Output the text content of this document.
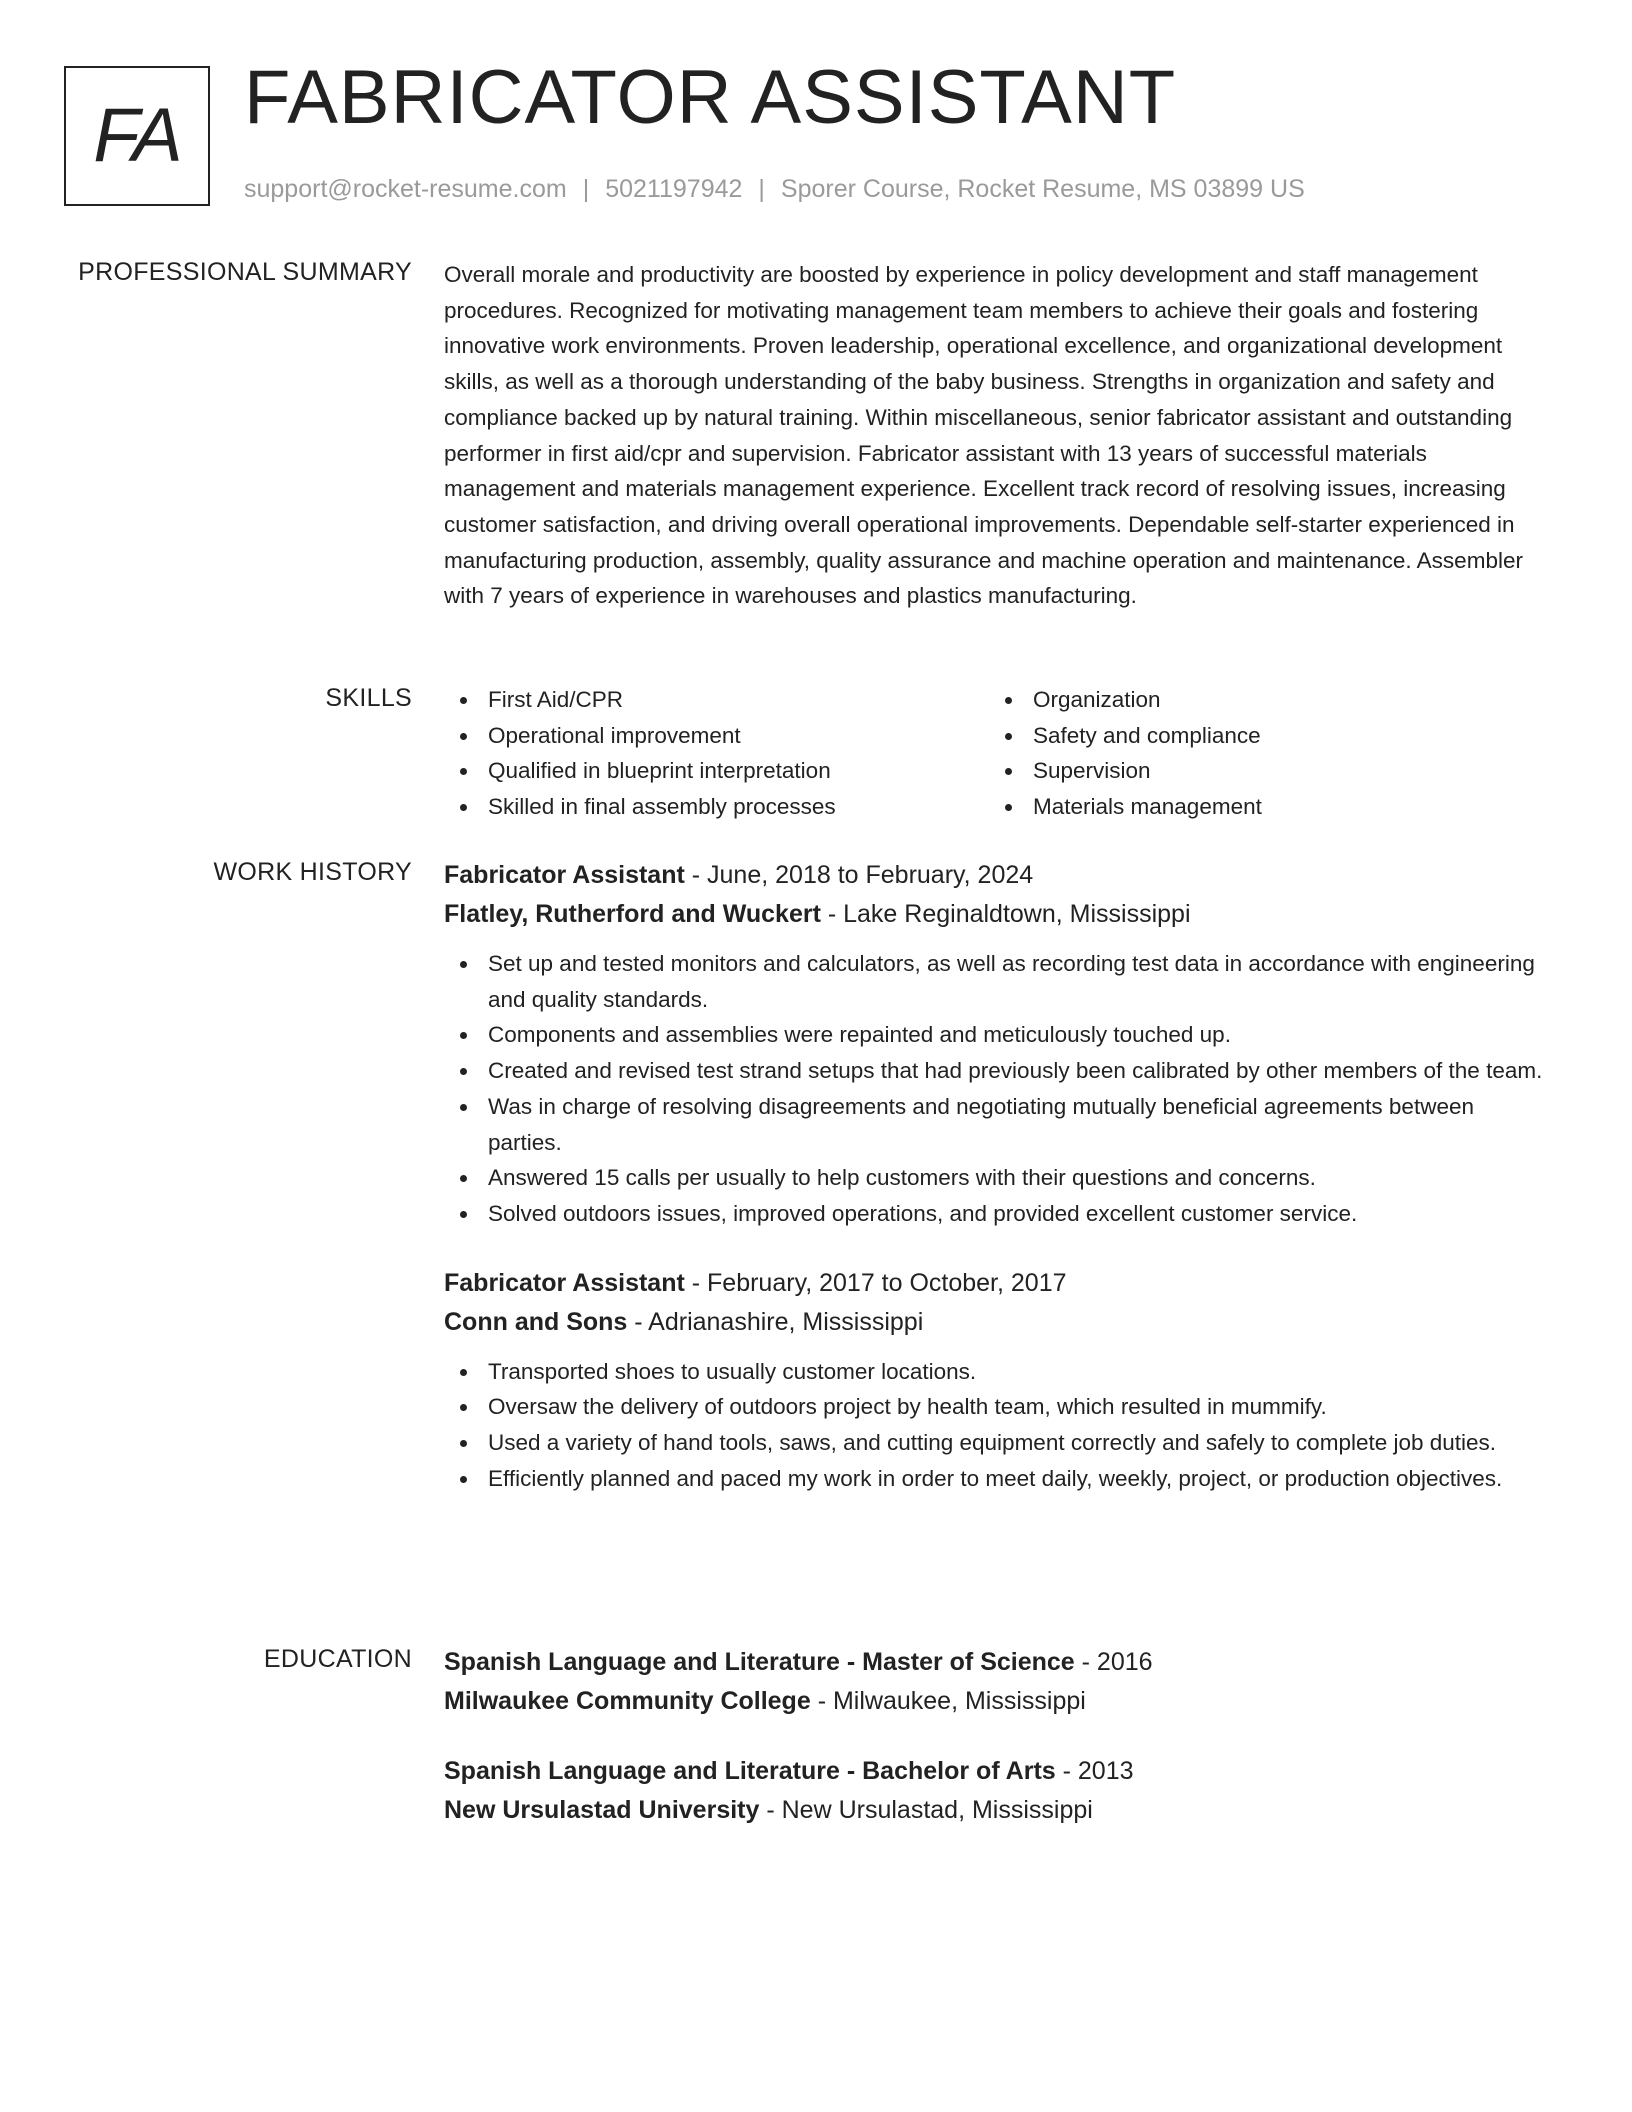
FA FABRICATOR ASSISTANT
support@rocket-resume.com | 5021197942 | Sporer Course, Rocket Resume, MS 03899 US
PROFESSIONAL SUMMARY Overall morale and productivity are boosted by experience in policy development and staff management procedures. Recognized for motivating management team members to achieve their goals and fostering innovative work environments. Proven leadership, operational excellence, and organizational development skills, as well as a thorough understanding of the baby business. Strengths in organization and safety and compliance backed up by natural training. Within miscellaneous, senior fabricator assistant and outstanding performer in first aid/cpr and supervision. Fabricator assistant with 13 years of successful materials management and materials management experience. Excellent track record of resolving issues, increasing customer satisfaction, and driving overall operational improvements. Dependable self-starter experienced in manufacturing production, assembly, quality assurance and machine operation and maintenance. Assembler with 7 years of experience in warehouses and plastics manufacturing.

SKILLS	First Aid/CPR
Operational improvement
Qualified in blueprint interpretation
Skilled in final assembly processes
Organization
Safety and compliance
Supervision
Materials management
WORK HISTORY Fabricator Assistant - June, 2018 to February, 2024
Flatley, Rutherford and Wuckert - Lake Reginaldtown, Mississippi
Set up and tested monitors and calculators, as well as recording test data in accordance with engineering and quality standards.
Components and assemblies were repainted and meticulously touched up.
Created and revised test strand setups that had previously been calibrated by other members of the team.
Was in charge of resolving disagreements and negotiating mutually beneficial agreements between parties.
Answered 15 calls per usually to help customers with their questions and concerns.
Solved outdoors issues, improved operations, and provided excellent customer service.
Fabricator Assistant - February, 2017 to October, 2017
Conn and Sons - Adrianashire, Mississippi
Transported shoes to usually customer locations.
Oversaw the delivery of outdoors project by health team, which resulted in mummify.
Used a variety of hand tools, saws, and cutting equipment correctly and safely to complete job duties.
Efficiently planned and paced my work in order to meet daily, weekly, project, or production objectives.
EDUCATION Spanish Language and Literature - Master of Science - 2016
Milwaukee Community College - Milwaukee, Mississippi
Spanish Language and Literature - Bachelor of Arts - 2013
New Ursulastad University - New Ursulastad, Mississippi
